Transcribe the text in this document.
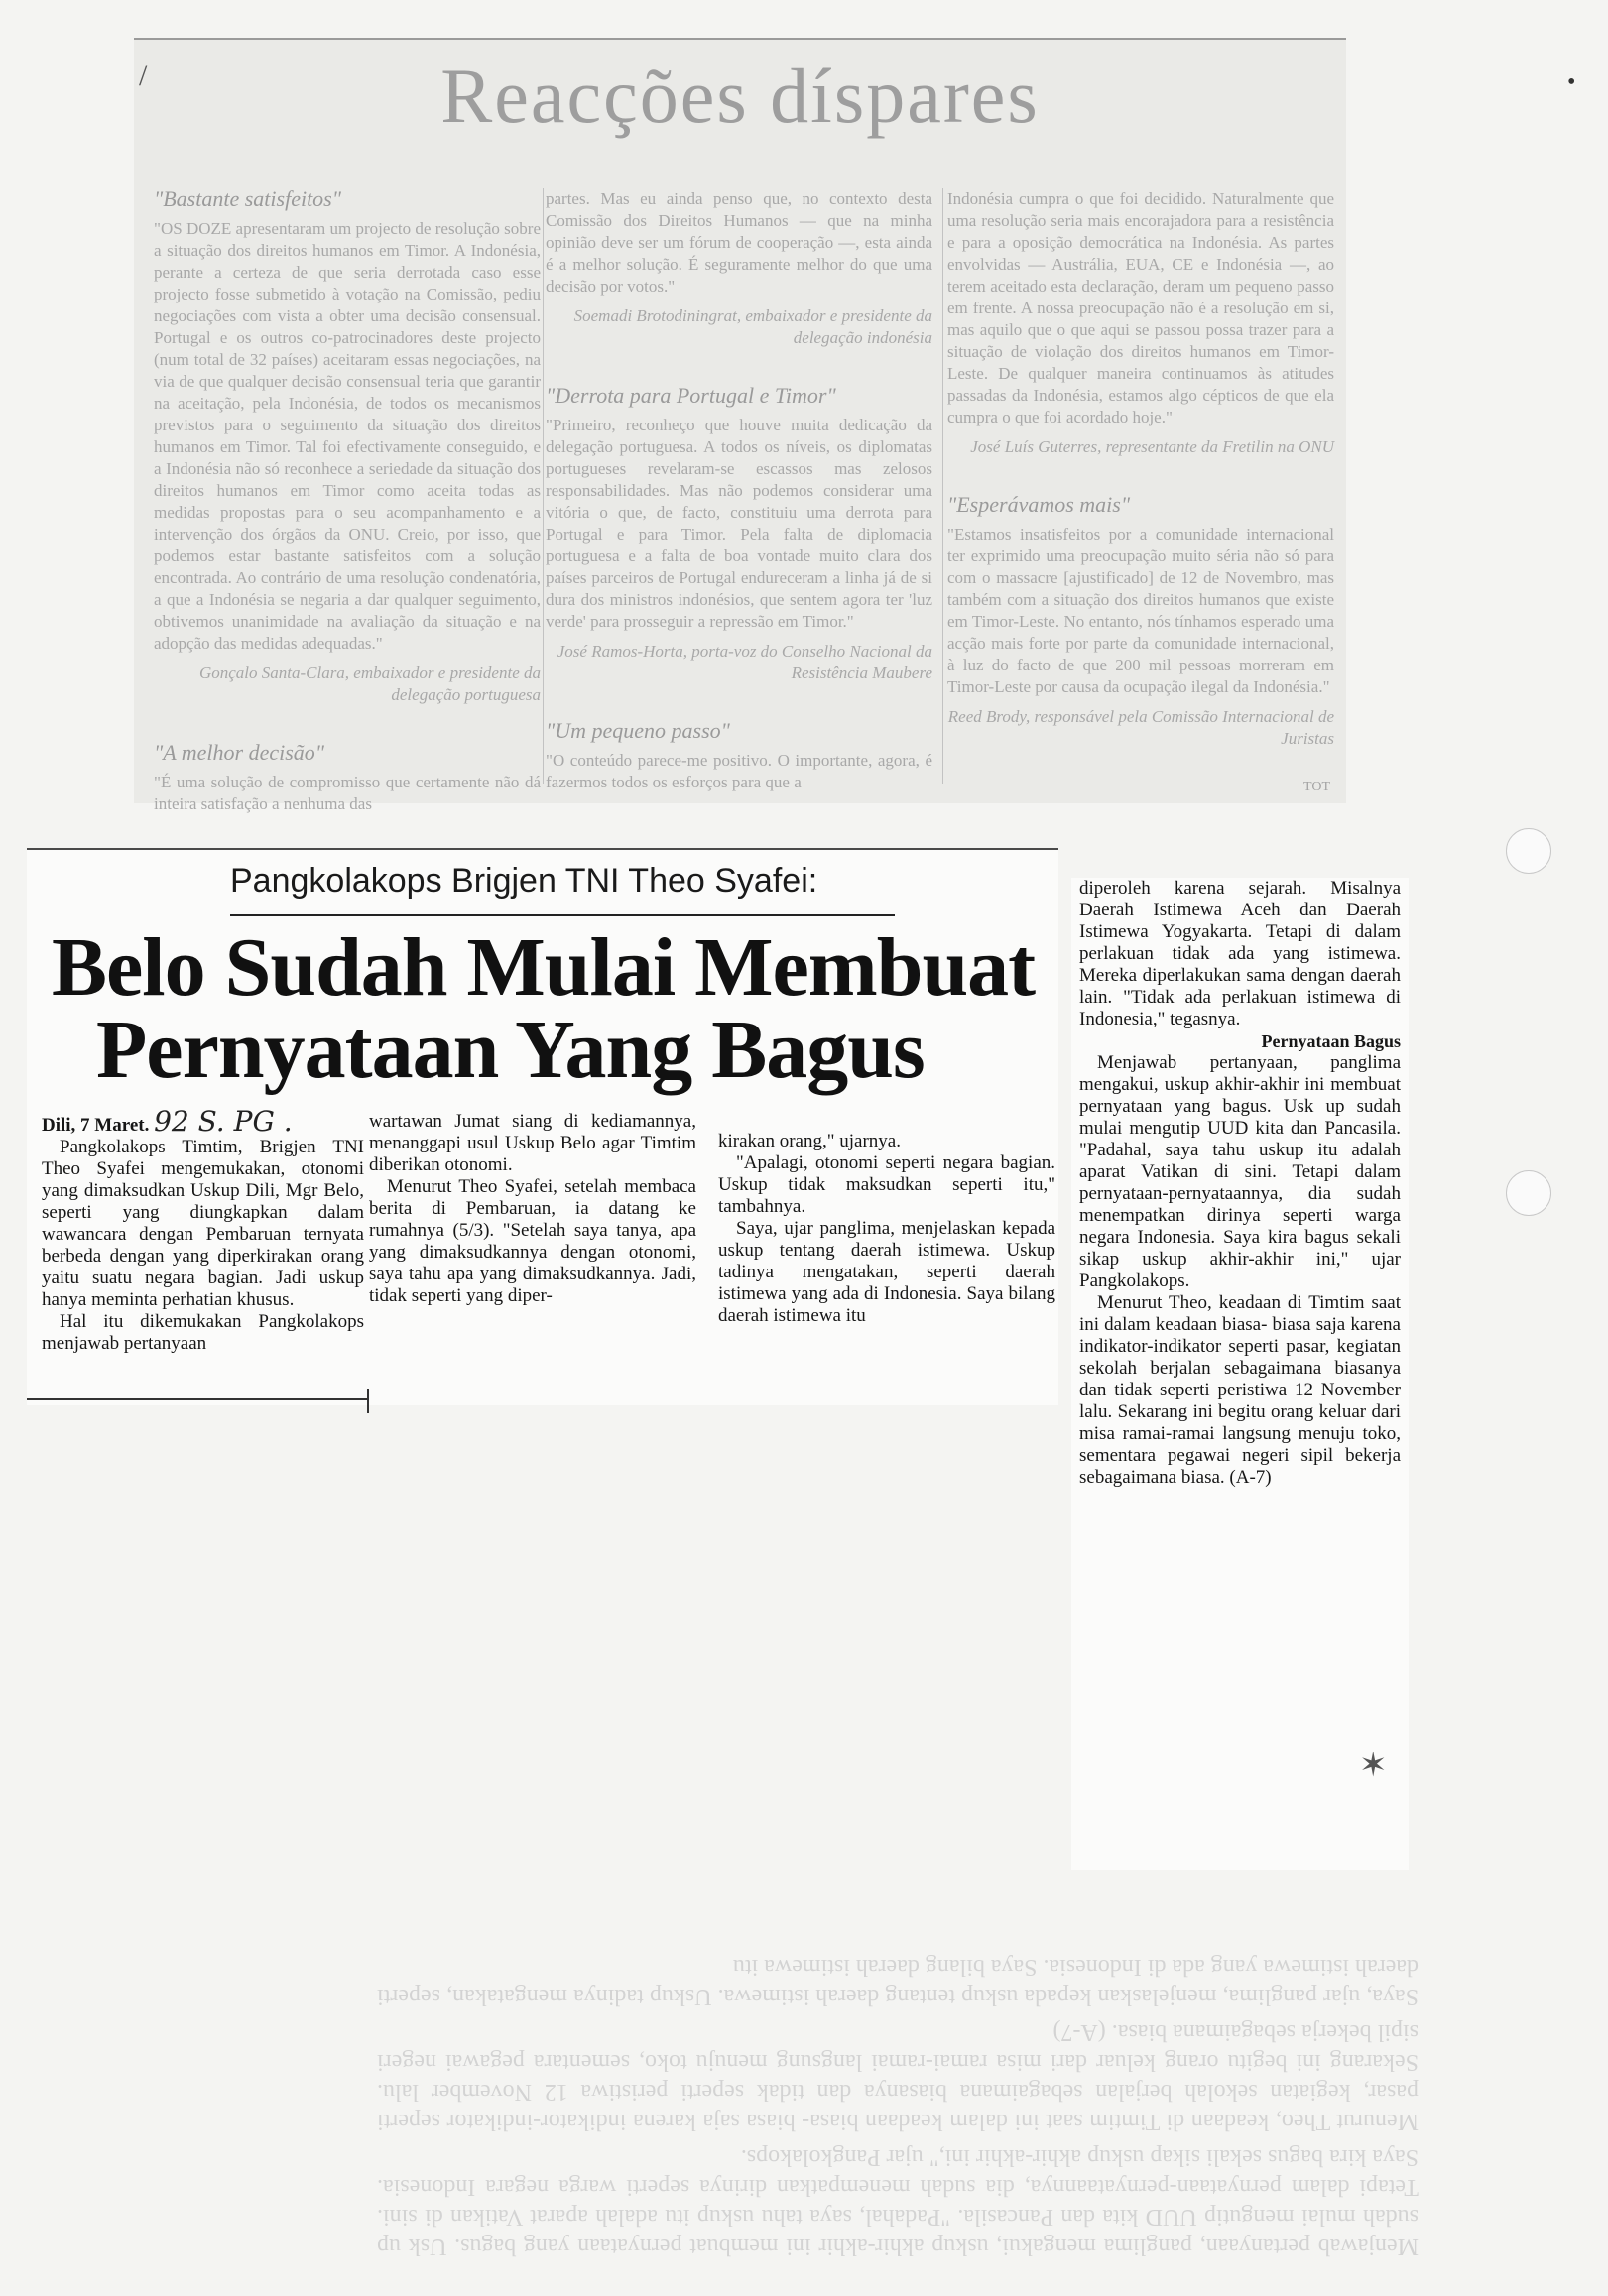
Reacções díspares
"Bastante satisfeitos"

"OS DOZE apresentaram um projecto de resolução sobre a situação dos direitos humanos em Timor. A Indonésia, perante a certeza de que seria derrotada caso esse projecto fosse submetido à votação na Comissão, pediu negociações com vista a obter uma decisão consensual. Portugal e os outros co-patrocinadores deste projecto (num total de 32 países) aceitaram essas negociações, na via de que qualquer decisão consensual teria que garantir na aceitação, pela Indonésia, de todos os mecanismos previstos para o seguimento da situação dos direitos humanos em Timor. Tal foi efectivamente conseguido, e a Indonésia não só reconhece a seriedade da situação dos direitos humanos em Timor como aceita todas as medidas propostas para o seu acompanhamento e a intervenção dos órgãos da ONU. Creio, por isso, que podemos estar bastante satisfeitos com a solução encontrada. Ao contrário de uma resolução condenatória, a que a Indonésia se negaria a dar qualquer seguimento, obtivemos unanimidade na avaliação da situação e na adopção das medidas adequadas."

Gonçalo Santa-Clara, embaixador e presidente da delegação portuguesa
"A melhor decisão"

"É uma solução de compromisso que certamente não dá inteira satisfação a nenhuma das

partes. Mas eu ainda penso que, no contexto desta Comissão dos Direitos Humanos — que na minha opinião deve ser um fórum de cooperação —, esta ainda é a melhor solução. É seguramente melhor do que uma decisão por votos."

Soemadi Brotodiningrat, embaixador e presidente da delegação indonésia
"Derrota para Portugal e Timor"

"Primeiro, reconheço que houve muita dedicação da delegação portuguesa. A todos os níveis, os diplomatas portugueses revelaram-se escassos mas zelosos responsabilidades. Mas não podemos considerar uma vitória o que, de facto, constituiu uma derrota para Portugal e para Timor. Pela falta de diplomacia portuguesa e a falta de boa vontade muito clara dos países parceiros de Portugal endureceram a linha já de si dura dos ministros indonésios, que sentem agora ter 'luz verde' para prosseguir a repressão em Timor."

José Ramos-Horta, porta-voz do Conselho Nacional da Resistência Maubere
"Um pequeno passo"

"O conteúdo parece-me positivo. O importante, agora, é fazermos todos os esforços para que a

Indonésia cumpra o que foi decidido. Naturalmente que uma resolução seria mais encorajadora para a resistência e para a oposição democrática na Indonésia. As partes envolvidas — Austrália, EUA, CE e Indonésia —, ao terem aceitado esta declaração, deram um pequeno passo em frente. A nossa preocupação não é a resolução em si, mas aquilo que o que aqui se passou possa trazer para a situação de violação dos direitos humanos em Timor-Leste. De qualquer maneira continuamos às atitudes passadas da Indonésia, estamos algo cépticos de que ela cumpra o que foi acordado hoje."

José Luís Guterres, representante da Fretilin na ONU
"Esperávamos mais"

"Estamos insatisfeitos por a comunidade internacional ter exprimido uma preocupação muito séria não só para com o massacre [ajustificado] de 12 de Novembro, mas também com a situação dos direitos humanos que existe em Timor-Leste. No entanto, nós tínhamos esperado uma acção mais forte por parte da comunidade internacional, à luz do facto de que 200 mil pessoas morreram em Timor-Leste por causa da ocupação ilegal da Indonésia."

Reed Brody, responsável pela Comissão Internacional de Juristas
TOT
/	•

Menjawab pertanyaan, panglima mengakui, uskup akhir-akhir ini membuat pernyataan yang bagus. Usk up sudah mulai mengutip UUD kita dan Pancasila. "Padahal, saya tahu uskup itu adalah aparat Vatikan di sini. Tetapi dalam pernyataan-pernyataannya, dia sudah menempatkan dirinya seperti warga negara Indonesia. Saya kira bagus sekali sikap uskup akhir-akhir ini," ujar Pangkolakops.

Menurut Theo, keadaan di Timtim saat ini dalam keadaan biasa- biasa saja karena indikator-indikator seperti pasar, kegiatan sekolah berjalan sebagaimana biasanya dan tidak seperti peristiwa 12 November lalu. Sekarang ini begitu orang keluar dari misa ramai-ramai langsung menuju toko, sementara pegawai negeri sipil bekerja sebagaimana biasa. (A-7)

Saya, ujar panglima, menjelaskan kepada uskup tentang daerah istimewa. Uskup tadinya mengatakan, seperti daerah istimewa yang ada di Indonesia. Saya bilang daerah istimewa itu

Pangkolakops Brigjen TNI Theo Syafei:
Belo Sudah Mulai Membuat
Pernyataan Yang Bagus

Dili, 7 Maret. 92 S. PG .

Pangkolakops Timtim, Brigjen TNI Theo Syafei mengemukakan, otonomi yang dimaksudkan Uskup Dili, Mgr Belo, seperti yang diungkapkan dalam wawancara dengan Pembaruan ternyata berbeda dengan yang diperkirakan orang yaitu suatu negara bagian. Jadi uskup hanya meminta perhatian khusus.

Hal itu dikemukakan Pangkolakops menjawab pertanyaan

wartawan Jumat siang di kediamannya, menanggapi usul Uskup Belo agar Timtim diberikan otonomi.

Menurut Theo Syafei, setelah membaca berita di Pembaruan, ia datang ke rumahnya (5/3). "Setelah saya tanya, apa yang dimaksudkannya dengan otonomi, saya tahu apa yang dimaksudkannya. Jadi, tidak seperti yang diper-

kirakan orang," ujarnya.

"Apalagi, otonomi seperti negara bagian. Uskup tidak maksudkan seperti itu," tambahnya.

Saya, ujar panglima, menjelaskan kepada uskup tentang daerah istimewa. Uskup tadinya mengatakan, seperti daerah istimewa yang ada di Indonesia. Saya bilang daerah istimewa itu

diperoleh karena sejarah. Misalnya Daerah Istimewa Aceh dan Daerah Istimewa Yogyakarta. Tetapi di dalam perlakuan tidak ada yang istimewa. Mereka diperlakukan sama dengan daerah lain. "Tidak ada perlakuan istimewa di Indonesia," tegasnya.

Pernyataan Bagus

Menjawab pertanyaan, panglima mengakui, uskup akhir-akhir ini membuat pernyataan yang bagus. Usk up sudah mulai mengutip UUD kita dan Pancasila. "Padahal, saya tahu uskup itu adalah aparat Vatikan di sini. Tetapi dalam pernyataan-pernyataannya, dia sudah menempatkan dirinya seperti warga negara Indonesia. Saya kira bagus sekali sikap uskup akhir-akhir ini," ujar Pangkolakops.

Menurut Theo, keadaan di Timtim saat ini dalam keadaan biasa- biasa saja karena indikator-indikator seperti pasar, kegiatan sekolah berjalan sebagaimana biasanya dan tidak seperti peristiwa 12 November lalu. Sekarang ini begitu orang keluar dari misa ramai-ramai langsung menuju toko, sementara pegawai negeri sipil bekerja sebagaimana biasa. (A-7)

✶
